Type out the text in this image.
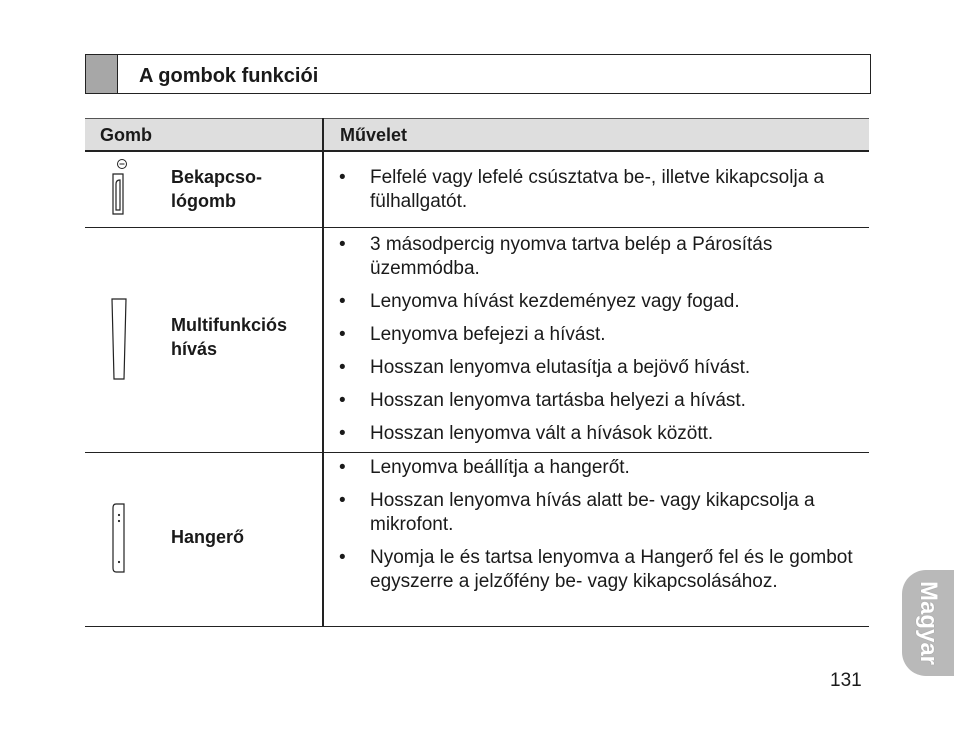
A gombok funkciói
Gomb	Művelet
Bekapcso-
lógomb
• Felfelé vagy lefelé csúsztatva be-, illetve kikapcsolja a fülhallgatót.
Multifunkciós
hívás
• 3 másodpercig nyomva tartva belép a Párosítás üzemmódba.
• Lenyomva hívást kezdeményez vagy fogad.
• Lenyomva befejezi a hívást.
• Hosszan lenyomva elutasítja a bejövő hívást.
• Hosszan lenyomva tartásba helyezi a hívást.
• Hosszan lenyomva vált a hívások között.
Hangerő
• Lenyomva beállítja a hangerőt.
• Hosszan lenyomva hívás alatt be- vagy kikapcsolja a mikrofont.
• Nyomja le és tartsa lenyomva a Hangerő fel és le gombot egyszerre a jelzőfény be- vagy kikapcsolásához.	Magyar
131
